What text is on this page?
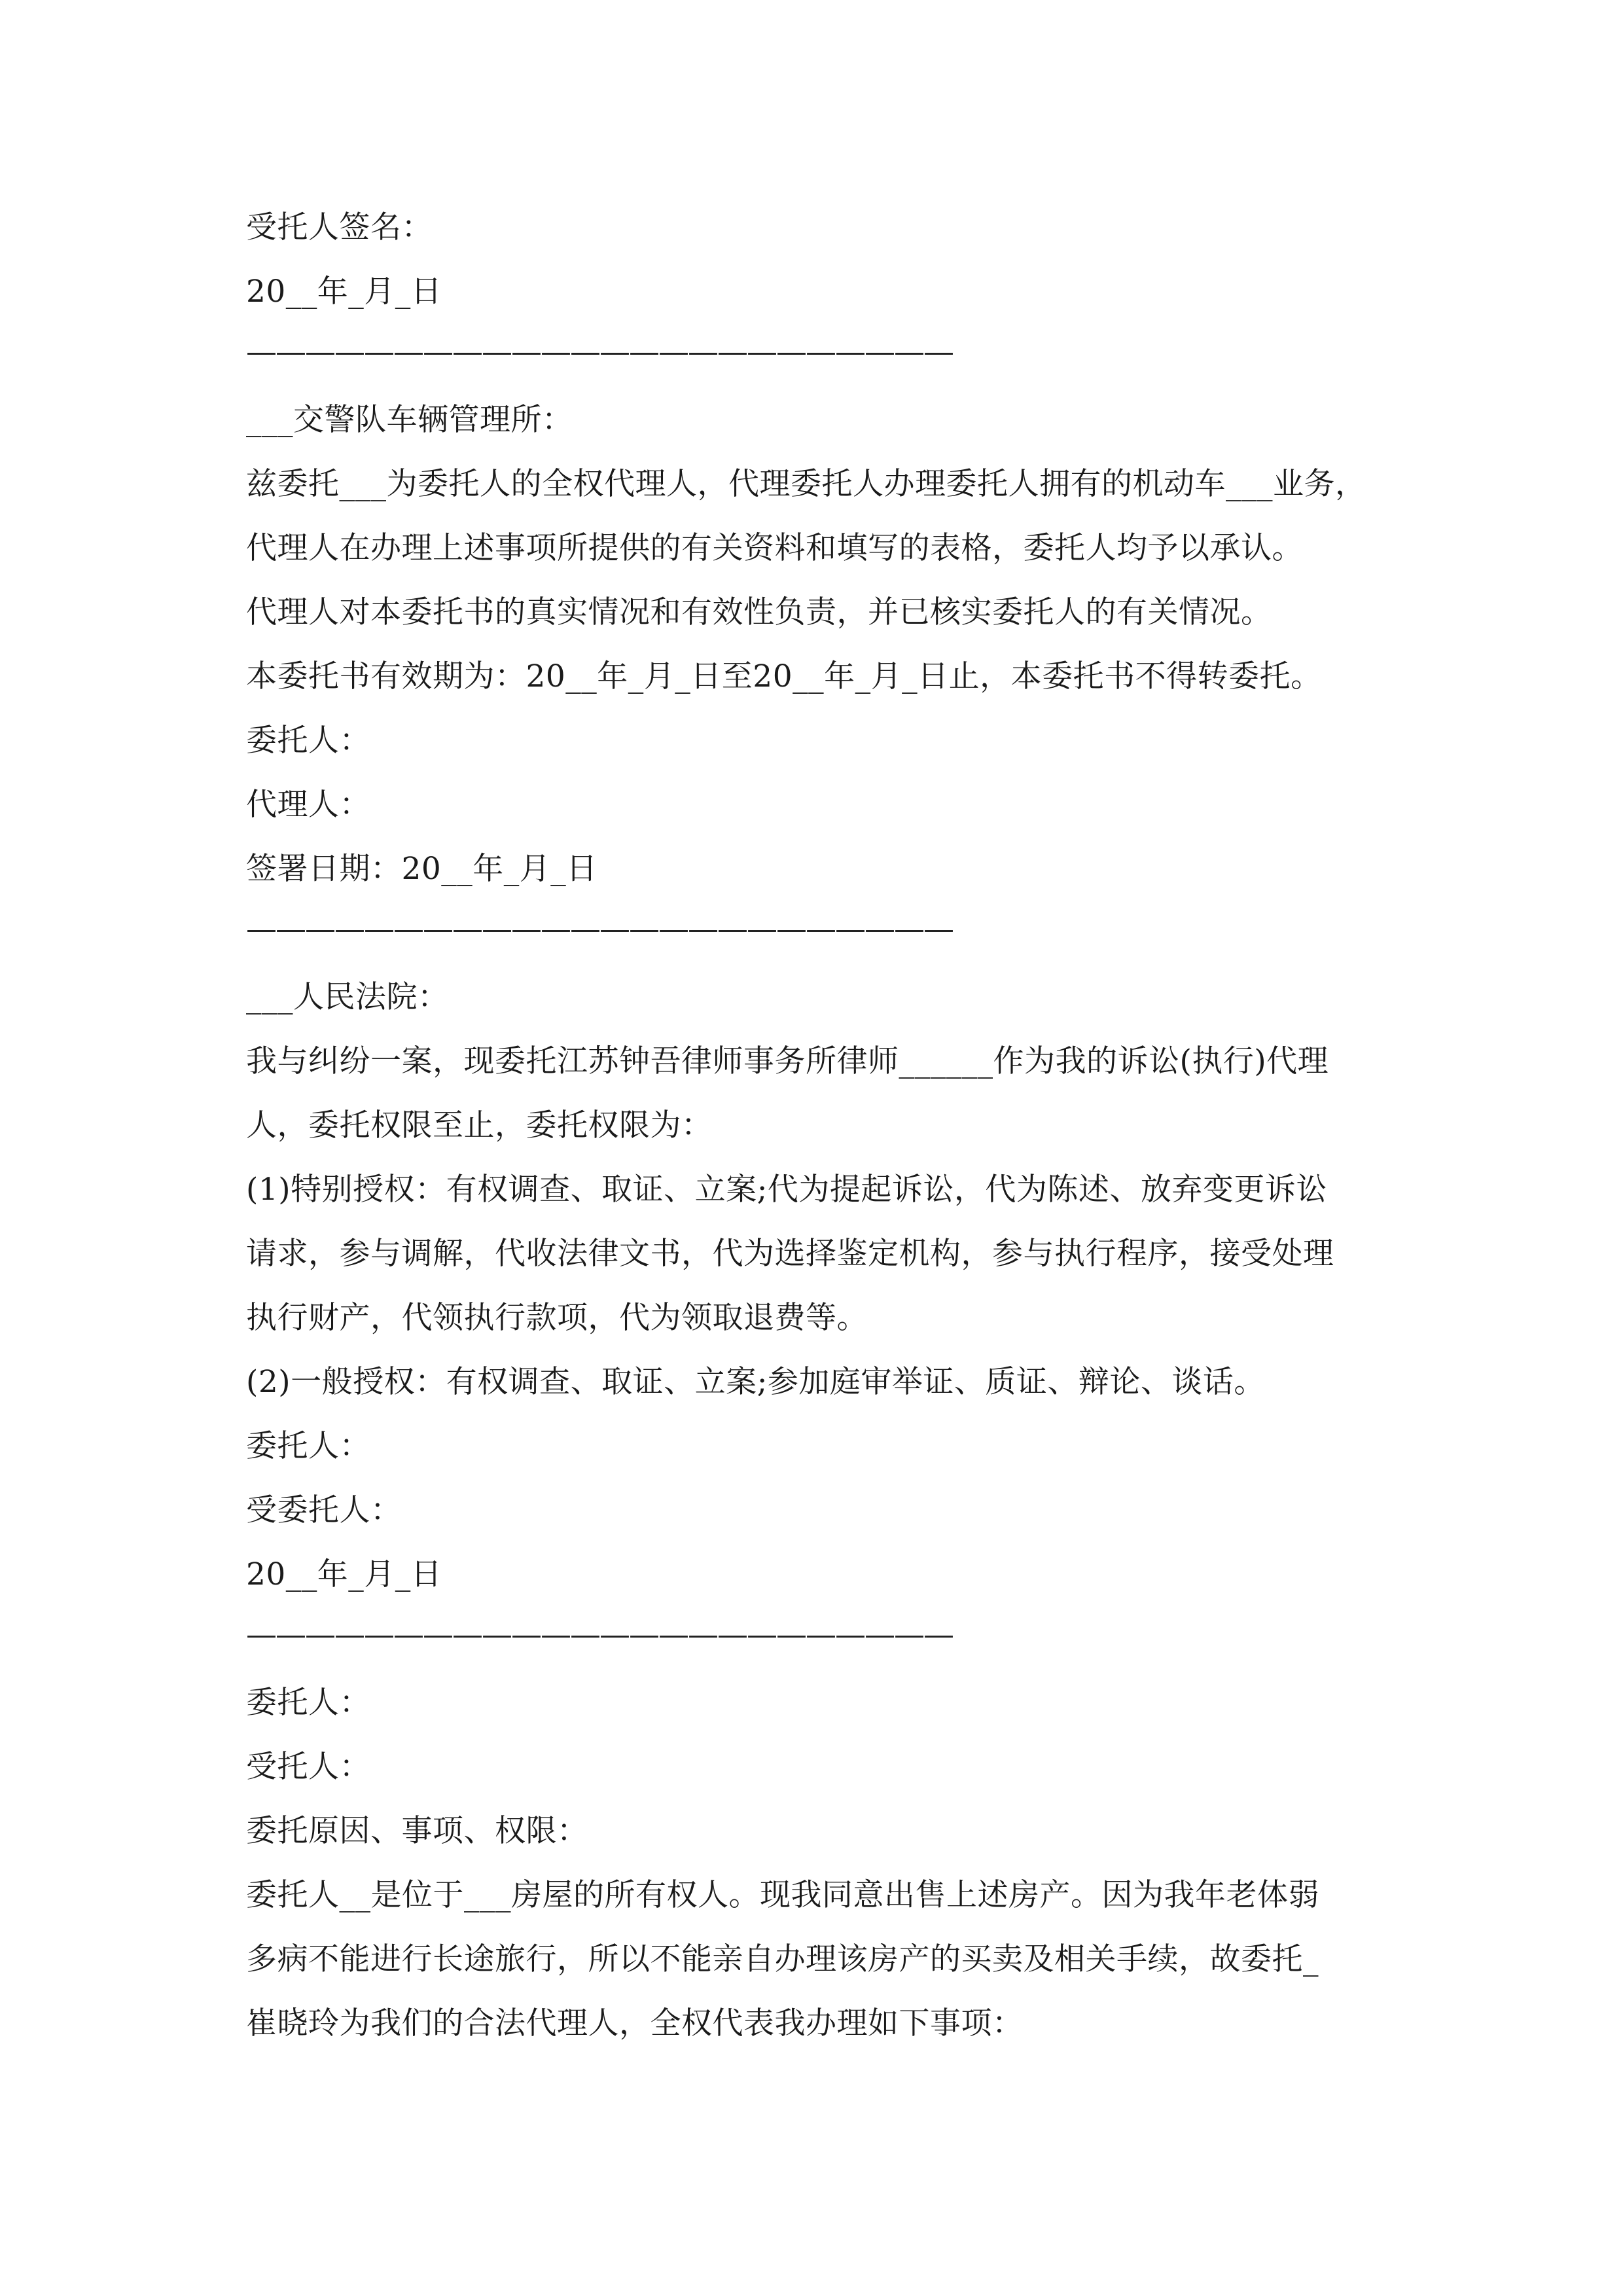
受托人签名：

20__年_月_日

————————————————————————

___交警队车辆管理所：

兹委托___为委托人的全权代理人，代理委托人办理委托人拥有的机动车___业务，

代理人在办理上述事项所提供的有关资料和填写的表格，委托人均予以承认。

代理人对本委托书的真实情况和有效性负责，并已核实委托人的有关情况。

本委托书有效期为：20__年_月_日至20__年_月_日止，本委托书不得转委托。

委托人：

代理人：

签署日期：20__年_月_日

————————————————————————

___人民法院：

我与纠纷一案，现委托江苏钟吾律师事务所律师______作为我的诉讼(执行)代理

人，委托权限至止，委托权限为：

(1)特别授权：有权调查、取证、立案;代为提起诉讼，代为陈述、放弃变更诉讼

请求，参与调解，代收法律文书，代为选择鉴定机构，参与执行程序，接受处理

执行财产，代领执行款项，代为领取退费等。

(2)一般授权：有权调查、取证、立案;参加庭审举证、质证、辩论、谈话。

委托人：

受委托人：

20__年_月_日

————————————————————————

委托人：

受托人：

委托原因、事项、权限：

委托人__是位于___房屋的所有权人。现我同意出售上述房产。因为我年老体弱

多病不能进行长途旅行，所以不能亲自办理该房产的买卖及相关手续，故委托_

崔晓玲为我们的合法代理人，全权代表我办理如下事项：
